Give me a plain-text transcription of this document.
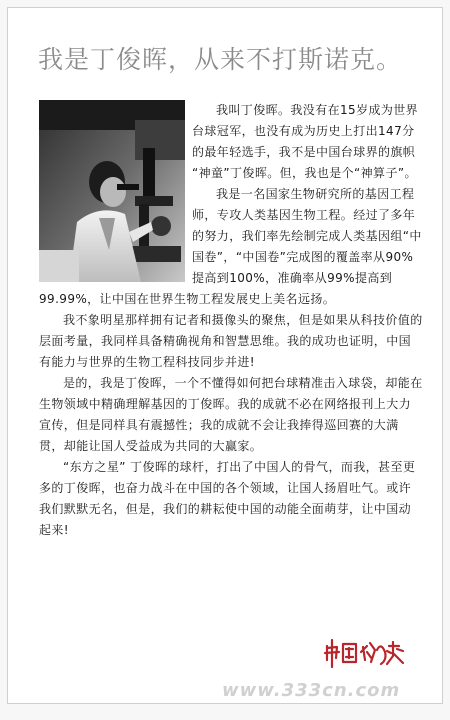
我是丁俊晖，从来不打斯诺克。

我叫丁俊晖。我没有在15岁成为世界台球冠军，也没有成为历史上打出147分的最年轻选手，我不是中国台球界的旗帜 “神童”丁俊晖。但，我也是个“神算子”。

我是一名国家生物研究所的基因工程师，专攻人类基因生物工程。经过了多年的努力，我们率先绘制完成人类基因组“中国卷”，“中国卷”完成图的覆盖率从90%提高到100%，准确率从99%提高到99.99%，让中国在世界生物工程发展史上美名远扬。

我不象明星那样拥有记者和摄像头的聚焦，但是如果从科技价值的层面考量，我同样具备精确视角和智慧思维。我的成功也证明，中国有能力与世界的生物工程科技同步并进!

是的，我是丁俊晖，一个不懂得如何把台球精准击入球袋，却能在生物领域中精确理解基因的丁俊晖。我的成就不必在网络报刊上大力宣传，但是同样具有震撼性；我的成就不会让我捧得巡回赛的大满贯，却能让国人受益成为共同的大赢家。

“东方之星” 丁俊晖的球杆，打出了中国人的骨气，而我，甚至更多的丁俊晖，也奋力战斗在中国的各个领域，让国人扬眉吐气。或许我们默默无名，但是，我们的耕耘使中国的动能全面萌芽，让中国动起来!

www.333cn.com
